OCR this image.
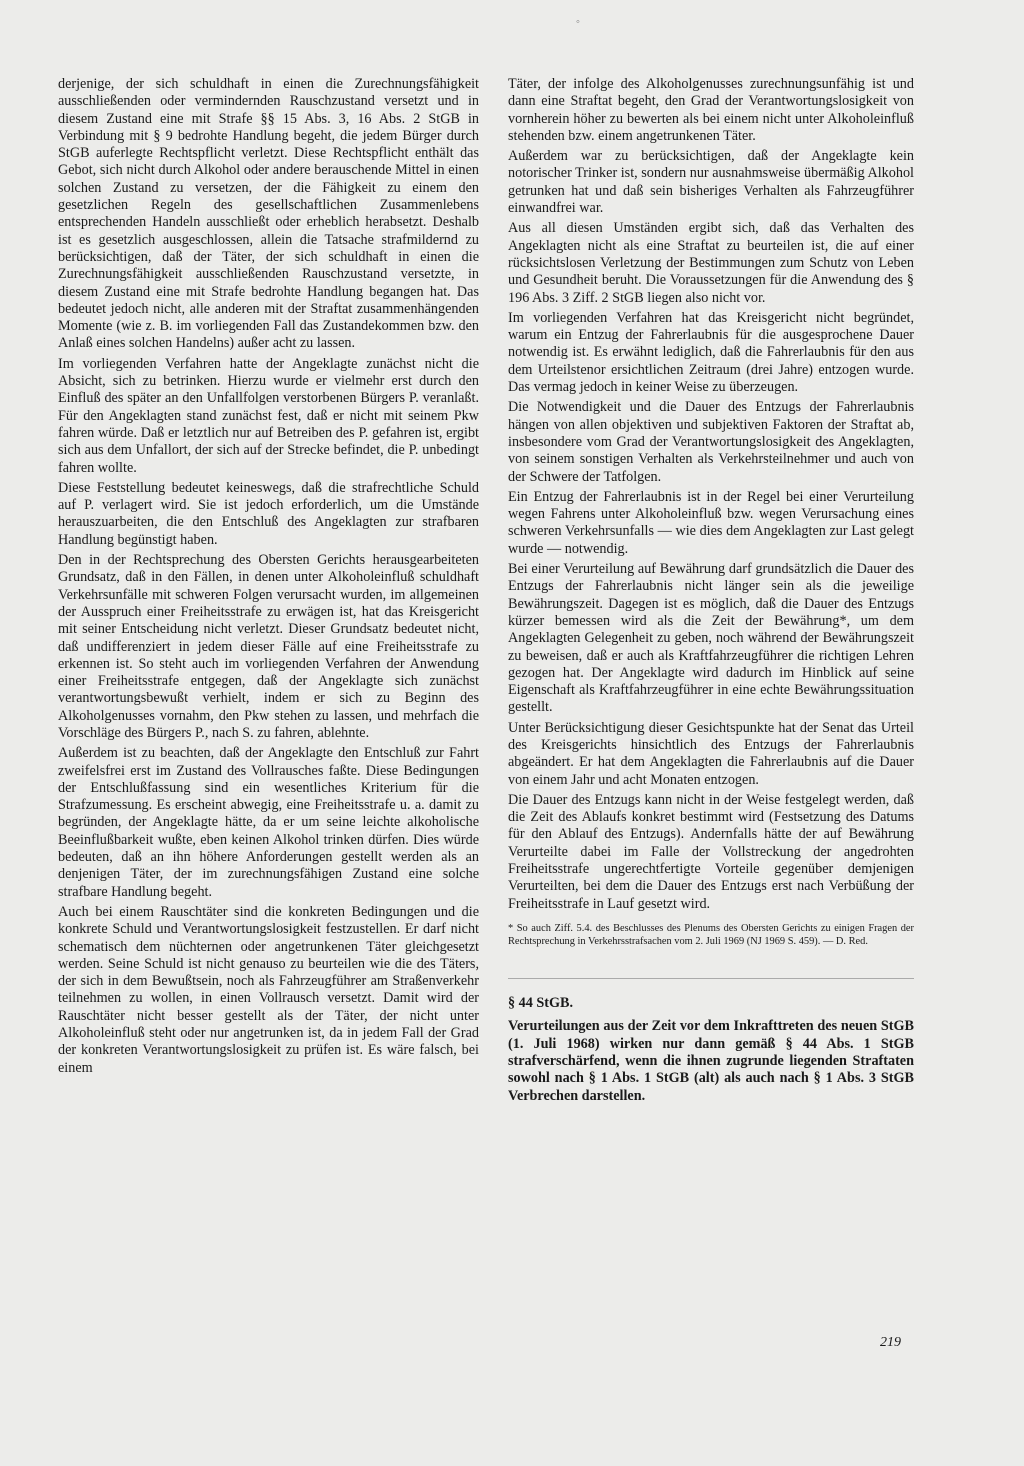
◦

derjenige, der sich schuldhaft in einen die Zurechnungsfähigkeit ausschließenden oder vermindernden Rauschzustand versetzt und in diesem Zustand eine mit Strafe §§ 15 Abs. 3, 16 Abs. 2 StGB in Verbindung mit § 9 bedrohte Handlung begeht, die jedem Bürger durch StGB auferlegte Rechtspflicht verletzt. Diese Rechtspflicht enthält das Gebot, sich nicht durch Alkohol oder andere berauschende Mittel in einen solchen Zustand zu versetzen, der die Fähigkeit zu einem den gesetzlichen Regeln des gesellschaftlichen Zusammenlebens entsprechenden Handeln ausschließt oder erheblich herabsetzt. Deshalb ist es gesetzlich ausgeschlossen, allein die Tatsache strafmildernd zu berücksichtigen, daß der Täter, der sich schuldhaft in einen die Zurechnungsfähigkeit ausschließenden Rauschzustand versetzte, in diesem Zustand eine mit Strafe bedrohte Handlung begangen hat. Das bedeutet jedoch nicht, alle anderen mit der Straftat zusammenhängenden Momente (wie z. B. im vorliegenden Fall das Zustandekommen bzw. den Anlaß eines solchen Handelns) außer acht zu lassen.

Im vorliegenden Verfahren hatte der Angeklagte zunächst nicht die Absicht, sich zu betrinken. Hierzu wurde er vielmehr erst durch den Einfluß des später an den Unfallfolgen verstorbenen Bürgers P. veranlaßt. Für den Angeklagten stand zunächst fest, daß er nicht mit seinem Pkw fahren würde. Daß er letztlich nur auf Betreiben des P. gefahren ist, ergibt sich aus dem Unfallort, der sich auf der Strecke befindet, die P. unbedingt fahren wollte.

Diese Feststellung bedeutet keineswegs, daß die strafrechtliche Schuld auf P. verlagert wird. Sie ist jedoch erforderlich, um die Umstände herauszuarbeiten, die den Entschluß des Angeklagten zur strafbaren Handlung begünstigt haben.

Den in der Rechtsprechung des Obersten Gerichts herausgearbeiteten Grundsatz, daß in den Fällen, in denen unter Alkoholeinfluß schuldhaft Verkehrsunfälle mit schweren Folgen verursacht wurden, im allgemeinen der Ausspruch einer Freiheitsstrafe zu erwägen ist, hat das Kreisgericht mit seiner Entscheidung nicht verletzt. Dieser Grundsatz bedeutet nicht, daß undifferenziert in jedem dieser Fälle auf eine Freiheitsstrafe zu erkennen ist. So steht auch im vorliegenden Verfahren der Anwendung einer Freiheitsstrafe entgegen, daß der Angeklagte sich zunächst verantwortungsbewußt verhielt, indem er sich zu Beginn des Alkoholgenusses vornahm, den Pkw stehen zu lassen, und mehrfach die Vorschläge des Bürgers P., nach S. zu fahren, ablehnte.

Außerdem ist zu beachten, daß der Angeklagte den Entschluß zur Fahrt zweifelsfrei erst im Zustand des Vollrausches faßte. Diese Bedingungen der Entschlußfassung sind ein wesentliches Kriterium für die Strafzumessung. Es erscheint abwegig, eine Freiheitsstrafe u. a. damit zu begründen, der Angeklagte hätte, da er um seine leichte alkoholische Beeinflußbarkeit wußte, eben keinen Alkohol trinken dürfen. Dies würde bedeuten, daß an ihn höhere Anforderungen gestellt werden als an denjenigen Täter, der im zurechnungsfähigen Zustand eine solche strafbare Handlung begeht.

Auch bei einem Rauschtäter sind die konkreten Bedingungen und die konkrete Schuld und Verantwortungslosigkeit festzustellen. Er darf nicht schematisch dem nüchternen oder angetrunkenen Täter gleichgesetzt werden. Seine Schuld ist nicht genauso zu beurteilen wie die des Täters, der sich in dem Bewußtsein, noch als Fahrzeugführer am Straßenverkehr teilnehmen zu wollen, in einen Vollrausch versetzt. Damit wird der Rauschtäter nicht besser gestellt als der Täter, der nicht unter Alkoholeinfluß steht oder nur angetrunken ist, da in jedem Fall der Grad der konkreten Verantwortungslosigkeit zu prüfen ist. Es wäre falsch, bei einem

Täter, der infolge des Alkoholgenusses zurechnungsunfähig ist und dann eine Straftat begeht, den Grad der Verantwortungslosigkeit von vornherein höher zu bewerten als bei einem nicht unter Alkoholeinfluß stehenden bzw. einem angetrunkenen Täter.

Außerdem war zu berücksichtigen, daß der Angeklagte kein notorischer Trinker ist, sondern nur ausnahmsweise übermäßig Alkohol getrunken hat und daß sein bisheriges Verhalten als Fahrzeugführer einwandfrei war.

Aus all diesen Umständen ergibt sich, daß das Verhalten des Angeklagten nicht als eine Straftat zu beurteilen ist, die auf einer rücksichtslosen Verletzung der Bestimmungen zum Schutz von Leben und Gesundheit beruht. Die Voraussetzungen für die Anwendung des § 196 Abs. 3 Ziff. 2 StGB liegen also nicht vor.

Im vorliegenden Verfahren hat das Kreisgericht nicht begründet, warum ein Entzug der Fahrerlaubnis für die ausgesprochene Dauer notwendig ist. Es erwähnt lediglich, daß die Fahrerlaubnis für den aus dem Urteilstenor ersichtlichen Zeitraum (drei Jahre) entzogen wurde. Das vermag jedoch in keiner Weise zu überzeugen.

Die Notwendigkeit und die Dauer des Entzugs der Fahrerlaubnis hängen von allen objektiven und subjektiven Faktoren der Straftat ab, insbesondere vom Grad der Verantwortungslosigkeit des Angeklagten, von seinem sonstigen Verhalten als Verkehrsteilnehmer und auch von der Schwere der Tatfolgen.

Ein Entzug der Fahrerlaubnis ist in der Regel bei einer Verurteilung wegen Fahrens unter Alkoholeinfluß bzw. wegen Verursachung eines schweren Verkehrsunfalls — wie dies dem Angeklagten zur Last gelegt wurde — notwendig.

Bei einer Verurteilung auf Bewährung darf grundsätzlich die Dauer des Entzugs der Fahrerlaubnis nicht länger sein als die jeweilige Bewährungszeit. Dagegen ist es möglich, daß die Dauer des Entzugs kürzer bemessen wird als die Zeit der Bewährung*, um dem Angeklagten Gelegenheit zu geben, noch während der Bewährungszeit zu beweisen, daß er auch als Kraftfahrzeugführer die richtigen Lehren gezogen hat. Der Angeklagte wird dadurch im Hinblick auf seine Eigenschaft als Kraftfahrzeugführer in eine echte Bewährungssituation gestellt.

Unter Berücksichtigung dieser Gesichtspunkte hat der Senat das Urteil des Kreisgerichts hinsichtlich des Entzugs der Fahrerlaubnis abgeändert. Er hat dem Angeklagten die Fahrerlaubnis auf die Dauer von einem Jahr und acht Monaten entzogen.

Die Dauer des Entzugs kann nicht in der Weise festgelegt werden, daß die Zeit des Ablaufs konkret bestimmt wird (Festsetzung des Datums für den Ablauf des Entzugs). Andernfalls hätte der auf Bewährung Verurteilte dabei im Falle der Vollstreckung der angedrohten Freiheitsstrafe ungerechtfertigte Vorteile gegenüber demjenigen Verurteilten, bei dem die Dauer des Entzugs erst nach Verbüßung der Freiheitsstrafe in Lauf gesetzt wird.

* So auch Ziff. 5.4. des Beschlusses des Plenums des Obersten Gerichts zu einigen Fragen der Rechtsprechung in Verkehrsstrafsachen vom 2. Juli 1969 (NJ 1969 S. 459). — D. Red.

§ 44 StGB.

Verurteilungen aus der Zeit vor dem Inkrafttreten des neuen StGB (1. Juli 1968) wirken nur dann gemäß § 44 Abs. 1 StGB strafverschärfend, wenn die ihnen zugrunde liegenden Straftaten sowohl nach § 1 Abs. 1 StGB (alt) als auch nach § 1 Abs. 3 StGB Verbrechen darstellen.

219
